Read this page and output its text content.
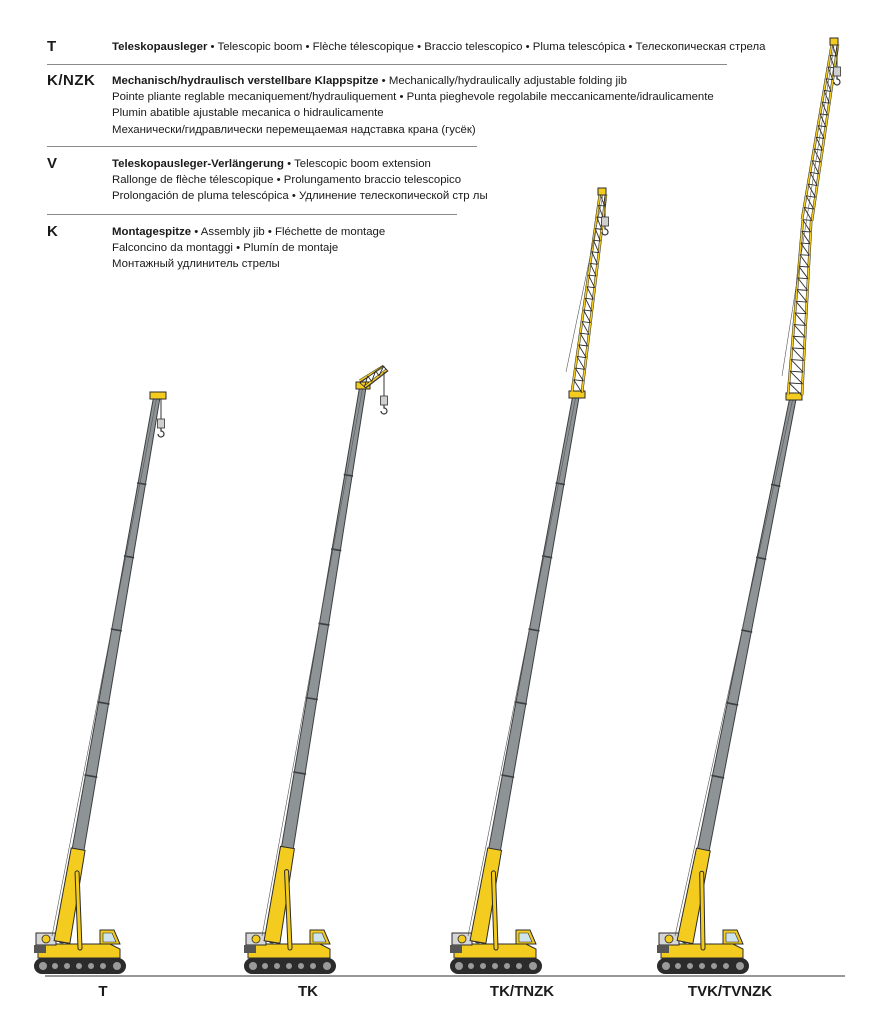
T	Teleskopausleger • Telescopic boom • Flèche télescopique • Braccio telescopico • Pluma telescópica • Телескопическая стрела
K/NZK Mechanisch/hydraulisch verstellbare Klappspitze • Mechanically/hydraulically adjustable folding jib
Pointe pliante reglable mecaniquement/hydrauliquement • Punta pieghevole regolabile meccanicamente/idraulicamente
Plumin abatible ajustable mecanica o hidraulicamente
Механически/гидравлически перемещаемая надставка крана (гусёк)
V	Teleskopausleger-Verlängerung • Telescopic boom extension
Rallonge de flèche télescopique • Prolungamento braccio telescopico
Prolongación de pluma telescópica • Удлинение телескопической стр лы
K	Montagespitze • Assembly jib • Fléchette de montage
Falconcino da montaggi • Plumín de montaje
Монтажный удлинитель стрелы
T	TK	TK/TNZK	TVK/TVNZK
